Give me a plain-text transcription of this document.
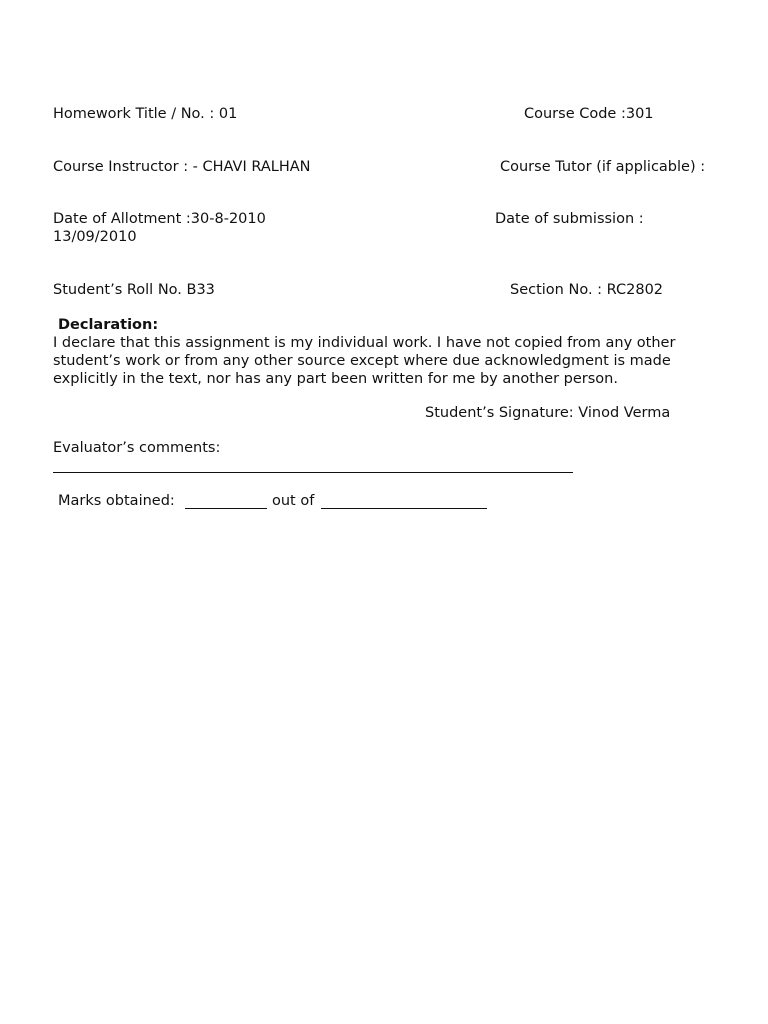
Homework Title / No. : 01	Course Code :301
Course Instructor : - CHAVI RALHAN	Course Tutor (if applicable) :
Date of Allotment :30-8-2010	Date of submission :
13/09/2010
Student’s Roll No. B33	Section No. : RC2802
Declaration:
I declare that this assignment is my individual work. I have not copied from any other student’s work or from any other source except where due acknowledgment is made explicitly in the text, nor has any part been written for me by another person.
Student’s Signature: Vinod Verma
Evaluator’s comments:
Marks obtained:	out of
